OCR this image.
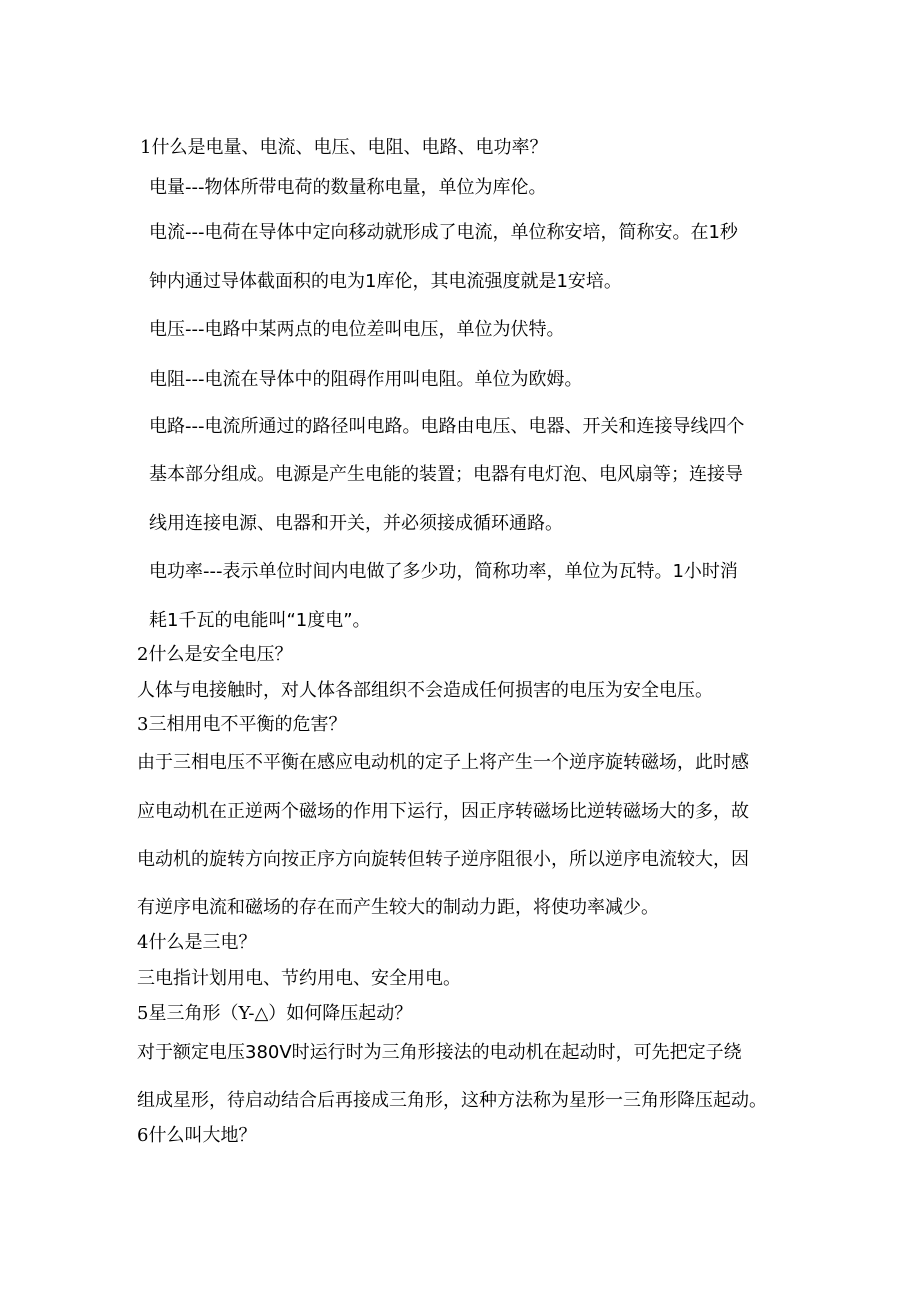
1什么是电量、电流、电压、电阻、电路、电功率？

电量---物体所带电荷的数量称电量，单位为库伦。

电流---电荷在导体中定向移动就形成了电流，单位称安培，简称安。在1秒

钟内通过导体截面积的电为1库伦，其电流强度就是1安培。

电压---电路中某两点的电位差叫电压，单位为伏特。

电阻---电流在导体中的阻碍作用叫电阻。单位为欧姆。

电路---电流所通过的路径叫电路。电路由电压、电器、开关和连接导线四个

基本部分组成。电源是产生电能的装置；电器有电灯泡、电风扇等；连接导

线用连接电源、电器和开关，并必须接成循环通路。

电功率---表示单位时间内电做了多少功，简称功率，单位为瓦特。1小时消

耗1千瓦的电能叫“1度电”。

2什么是安全电压？

人体与电接触时，对人体各部组织不会造成任何损害的电压为安全电压。

3三相用电不平衡的危害？

由于三相电压不平衡在感应电动机的定子上将产生一个逆序旋转磁场，此时感

应电动机在正逆两个磁场的作用下运行，因正序转磁场比逆转磁场大的多，故

电动机的旋转方向按正序方向旋转但转子逆序阻很小，所以逆序电流较大，因

有逆序电流和磁场的存在而产生较大的制动力距，将使功率减少。

4什么是三电？

三电指计划用电、节约用电、安全用电。

5星三角形（Y-△）如何降压起动？

对于额定电压380V时运行时为三角形接法的电动机在起动时，可先把定子绕

组成星形，待启动结合后再接成三角形，这种方法称为星形一三角形降压起动。

6什么叫大地？
